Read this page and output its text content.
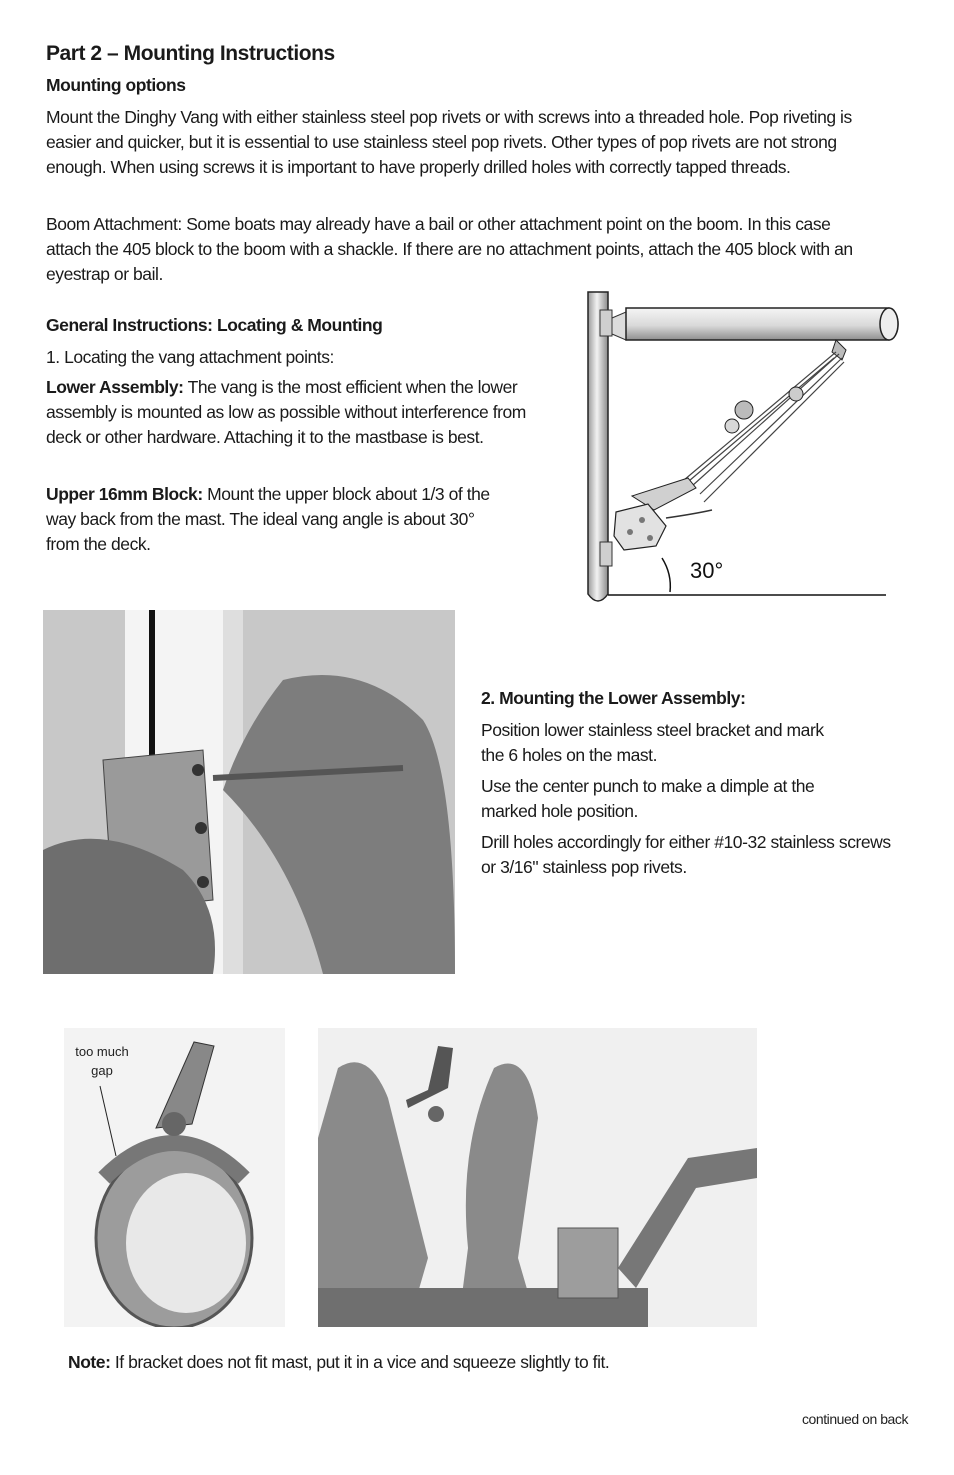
Part 2 – Mounting Instructions
Mounting options

Mount the Dinghy Vang with either stainless steel pop rivets or with screws into a threaded hole. Pop riveting is easier and quicker, but it is essential to use stainless steel pop rivets. Other types of pop rivets are not strong enough. When using screws it is important to have properly drilled holes with correctly tapped threads.

Boom Attachment: Some boats may already have a bail or other attachment point on the boom. In this case attach the 405 block to the boom with a shackle. If there are no attachment points, attach the 405 block with an eyestrap or bail.

General Instructions: Locating & Mounting

1. Locating the vang attachment points:

Lower Assembly: The vang is the most efficient when the lower assembly is mounted as low as possible without interference from deck or other hardware. Attaching it to the mastbase is best.

Upper 16mm Block: Mount the upper block about 1/3 of the way back from the mast. The ideal vang angle is about 30° from the deck.

30°
2. Mounting the Lower Assembly:

Position lower stainless steel bracket and mark the 6 holes on the mast.

Use the center punch to make a dimple at the marked hole position.

Drill holes accordingly for either #10-32 stainless screws or 3/16" stainless pop rivets.

too much
gap

Note: If bracket does not fit mast, put it in a vice and squeeze slightly to fit.

continued on back
